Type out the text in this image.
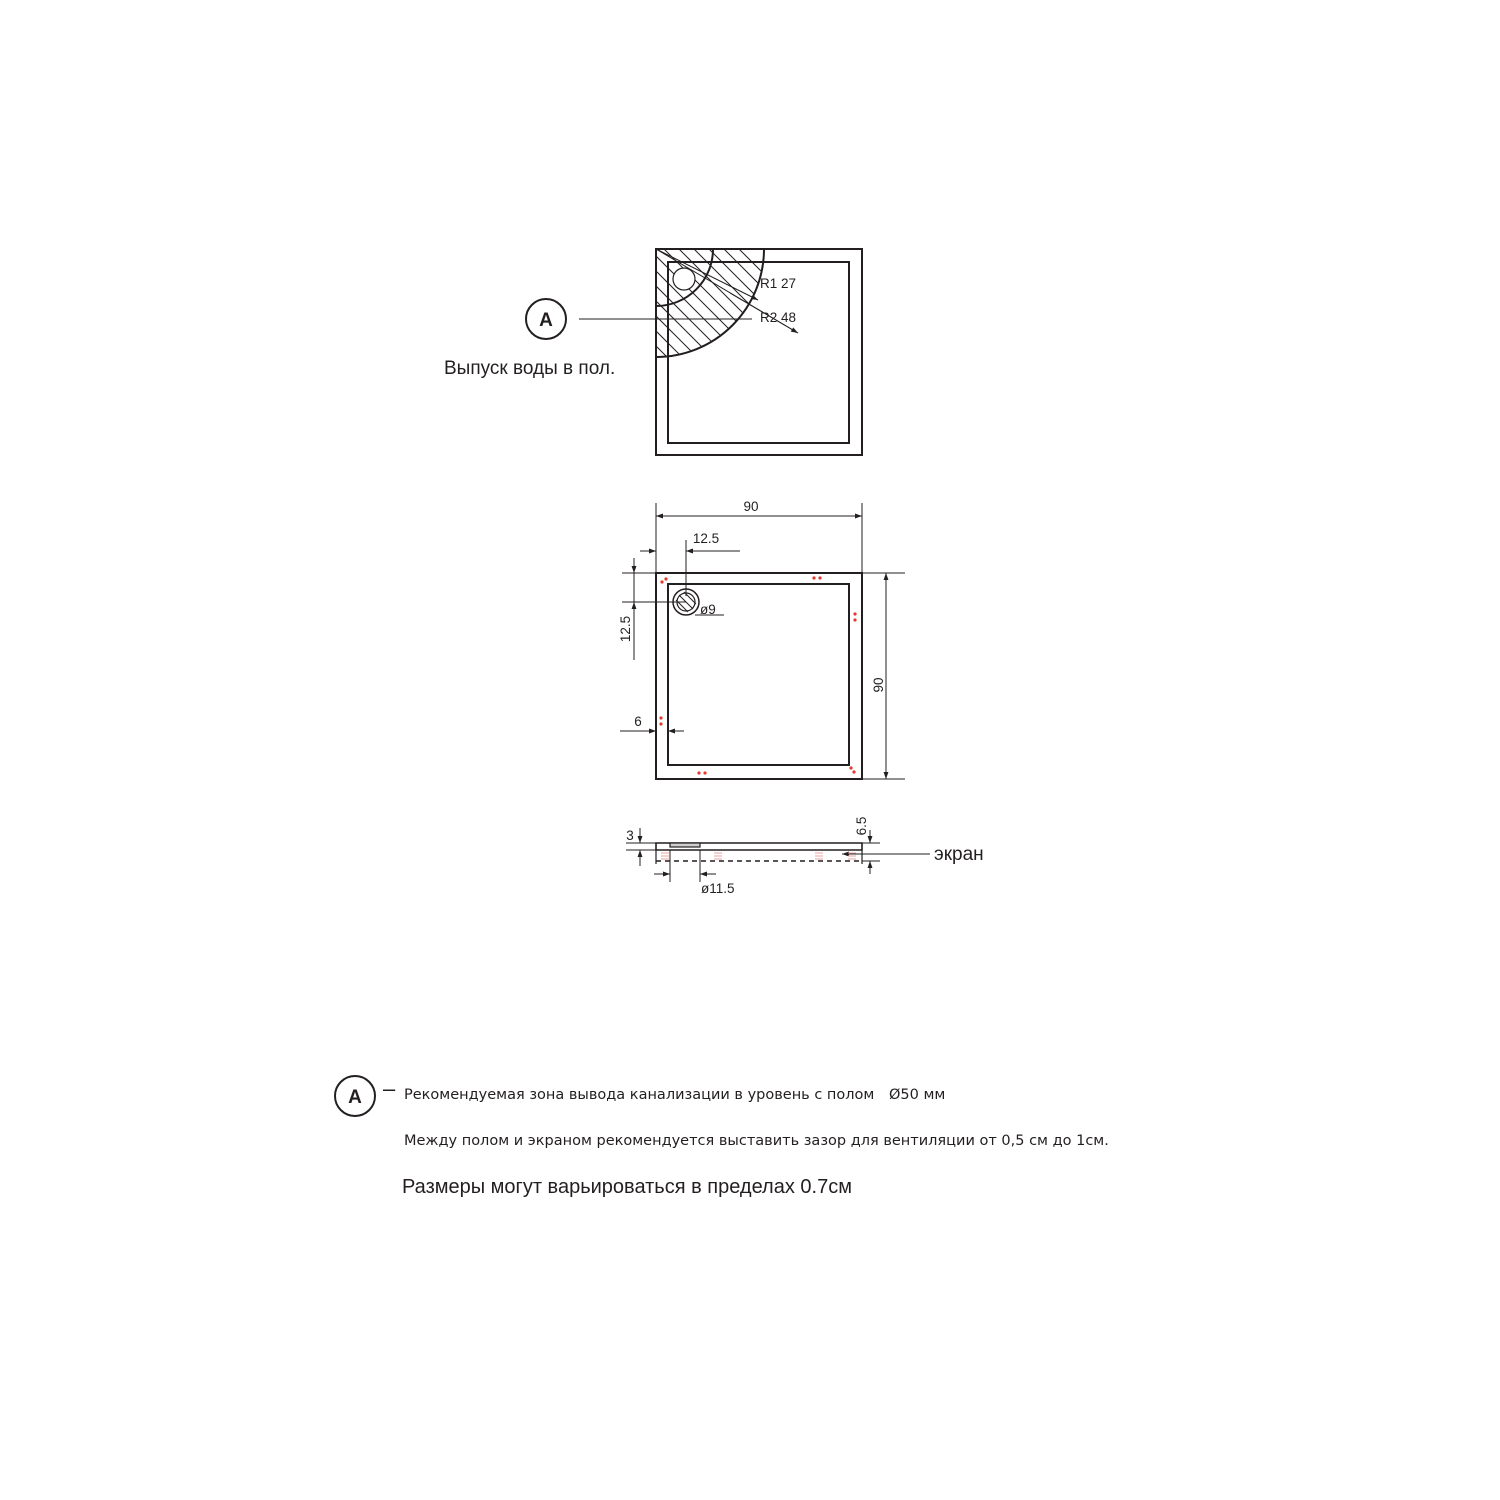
R1 27
R2 48
A
Выпуск воды в пол.
90
12.5
12.5
ø9
90
6
3
6.5
экран
ø11.5
A – Рекомендуемая зона вывода канализации в уровень с полом Ø50 мм
Между полом и экраном рекомендуется выставить зазор для вентиляции от 0,5 см до 1см.
Размеры могут варьироваться в пределах 0.7см
